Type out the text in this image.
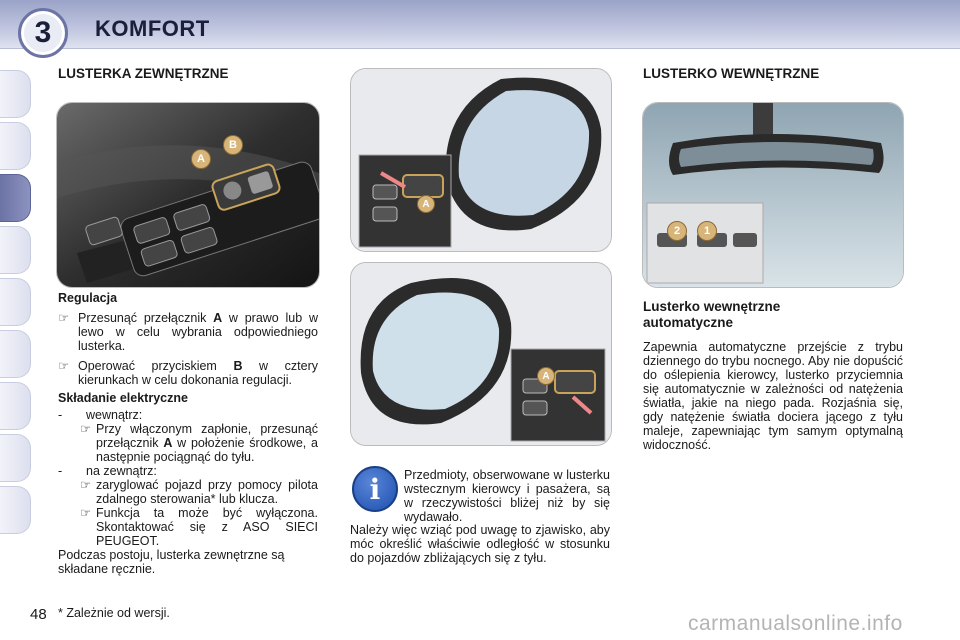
3 KOMFORT
LUSTERKA ZEWNĘTRZNE
A
B

Regulacja

☞ Przesunąć przełącznik A w prawo lub w lewo w celu wybrania odpowiedniego lusterka.
☞ Operować przyciskiem B w cztery kierunkach w celu dokonania regulacji.

Składanie elektryczne

-	wewnątrz:
☞ Przy włączonym zapłonie, przesunąć przełącznik A w położenie środkowe, a następnie pociągnąć do tyłu.
-	na zewnątrz:
☞ zaryglować pojazd przy pomocy pilota zdalnego sterowania* lub klucza.
☞ Funkcja ta może być wyłączona. Skontaktować się z ASO SIECI PEUGEOT.

Podczas postoju, lusterka zewnętrzne są składane ręcznie.

A
A
i	Przedmioty, obserwowane w lusterku wstecznym kierowcy i pasażera, są w rzeczywistości bliżej niż by się wydawało.
Należy więc wziąć pod uwagę to zjawisko, aby móc określić właściwie odległość w stosunku do pojazdów zbliżających się z tyłu.
LUSTERKO WEWNĘTRZNE
2	1
Lusterko wewnętrzne automatyczne
Zapewnia automatyczne przejście z trybu dziennego do trybu nocnego. Aby nie dopuścić do oślepienia kierowcy, lusterko przyciemnia się automatycznie w zależności od natężenia światła, jakie na niego pada. Rozjaśnia się, gdy natężenie światła dociera jącego z tyłu maleje, zapewniając tym samym optymalną widoczność.
48 * Zależnie od wersji.	carmanualsonline.info
